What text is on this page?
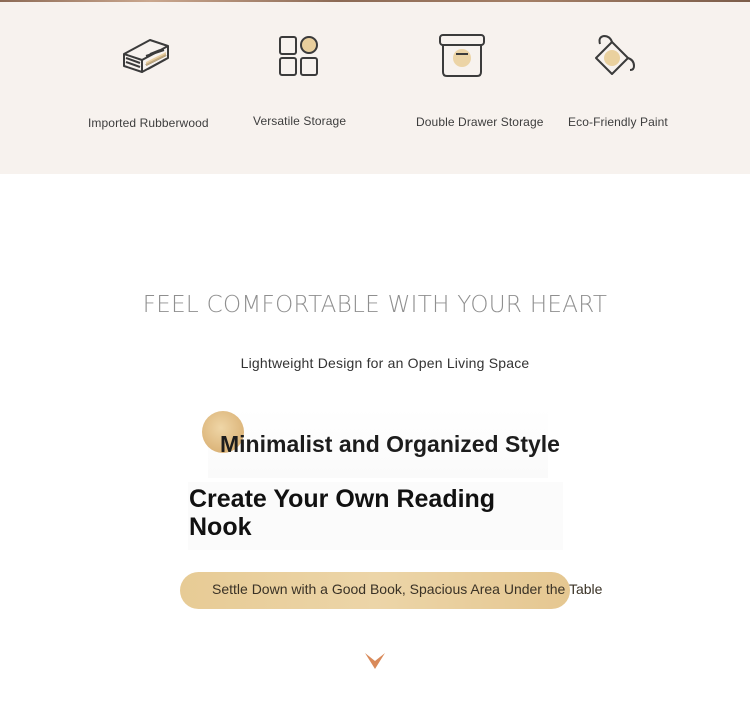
Imported Rubberwood	Versatile Storage	Double Drawer Storage Eco-Friendly Paint
FEEL COMFORTABLE WITH YOUR HEART
Lightweight Design for an Open Living Space
Minimalist and Organized Style
Create Your Own Reading Nook
Settle Down with a Good Book, Spacious Area Under the Table
